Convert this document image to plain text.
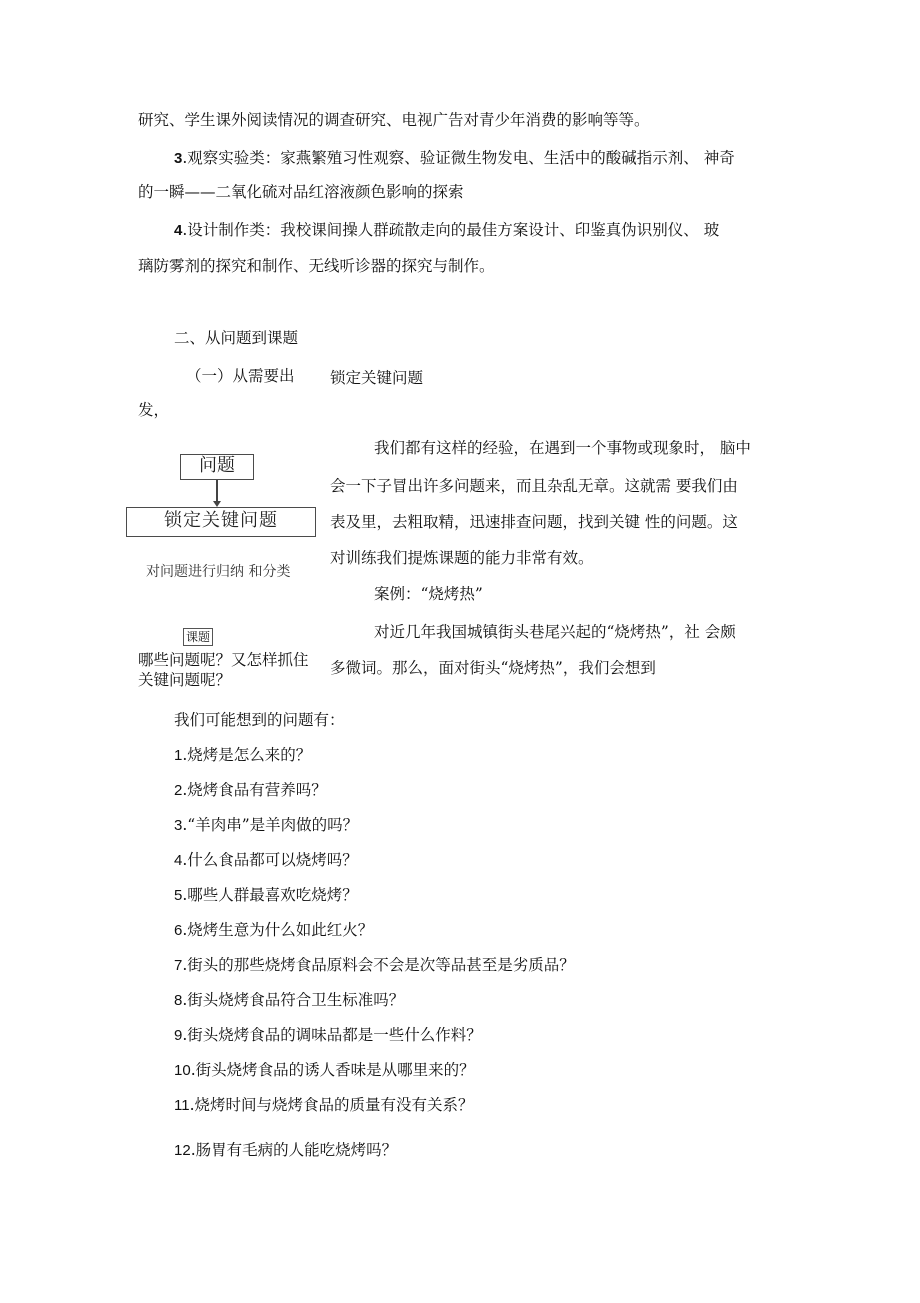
研究、学生课外阅读情况的调查研究、电视广告对青少年消费的影响等等。
3.观察实验类：家燕繁殖习性观察、验证微生物发电、生活中的酸碱指示剂、 神奇
的一瞬——二氧化硫对品红溶液颜色影响的探索
4.设计制作类：我校课间操人群疏散走向的最佳方案设计、印鉴真伪识别仪、 玻
璃防雾剂的探究和制作、无线听诊器的探究与制作。
二、从问题到课题
（一）从需要出 锁定关键问题
发，
问题
锁定关键问题
对问题进行归纳 和分类
课题
哪些问题呢？又怎样抓住
关键问题呢？
我们都有这样的经验，在遇到一个事物或现象时， 脑中
会一下子冒出许多问题来，而且杂乱无章。这就需 要我们由
表及里，去粗取精，迅速排查问题，找到关键 性的问题。这
对训练我们提炼课题的能力非常有效。
案例：“烧烤热”
对近几年我国城镇街头巷尾兴起的“烧烤热”，社 会颇
多微词。那么，面对街头“烧烤热”，我们会想到
我们可能想到的问题有：
1.烧烤是怎么来的？
2.烧烤食品有营养吗？
3.“羊肉串”是羊肉做的吗？
4.什么食品都可以烧烤吗？
5.哪些人群最喜欢吃烧烤？
6.烧烤生意为什么如此红火？
7.街头的那些烧烤食品原料会不会是次等品甚至是劣质品？
8.街头烧烤食品符合卫生标准吗？
9.街头烧烤食品的调味品都是一些什么作料？
10.街头烧烤食品的诱人香味是从哪里来的？
11.烧烤时间与烧烤食品的质量有没有关系？
12.肠胃有毛病的人能吃烧烤吗？
